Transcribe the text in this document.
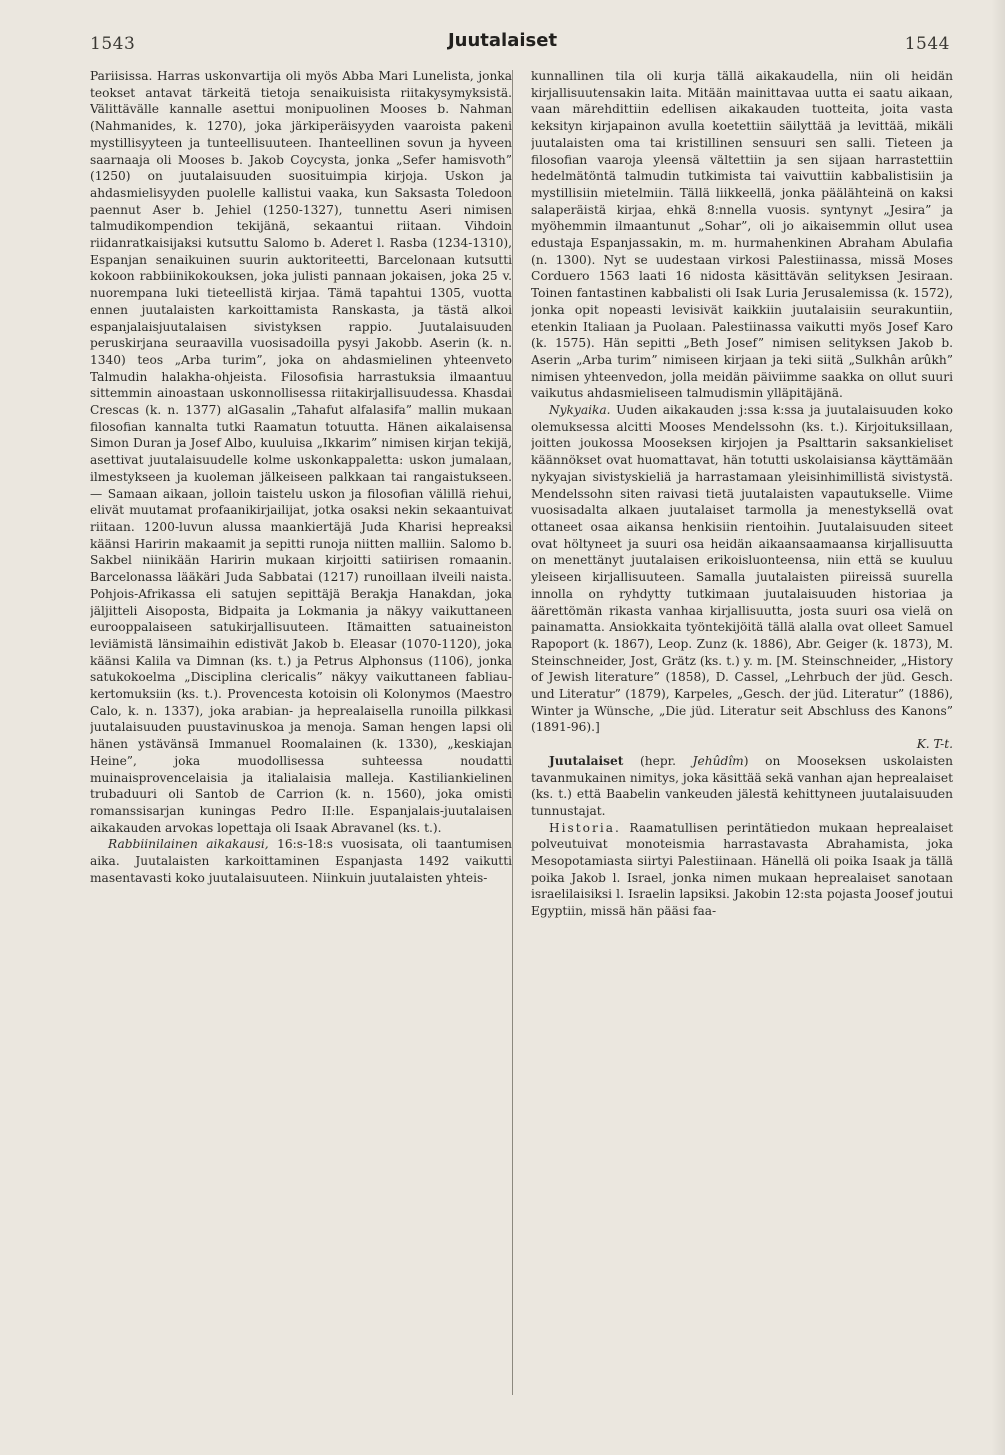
1543	Juutalaiset	1544

Pariisissa. Harras uskonvartija oli myös Abba Mari Lunelista, jonka teokset antavat tärkeitä tietoja senaikuisista riitakysymyksistä. Välittävälle kannalle asettui monipuolinen Mooses b. Nahman (Nahmanides, k. 1270), joka järkiperäisyyden vaaroista pakeni mystillisyyteen ja tunteellisuuteen. Ihanteellinen sovun ja hyveen saarnaaja oli Mooses b. Jakob Coycysta, jonka „Sefer hamisvoth” (1250) on juutalaisuuden suosituimpia kirjoja. Uskon ja ahdasmielisyyden puolelle kallistui vaaka, kun Saksasta Toledoon paennut Aser b. Jehiel (1250-1327), tunnettu Aseri nimisen talmudikompendion tekijänä, sekaantui riitaan. Vihdoin riidanratkaisijaksi kutsuttu Salomo b. Aderet l. Rasba (1234-1310), Espanjan senaikuinen suurin auktoriteetti, Barcelonaan kutsutti kokoon rabbiinikokouksen, joka julisti pannaan jokaisen, joka 25 v. nuorempana luki tieteellistä kirjaa. Tämä tapahtui 1305, vuotta ennen juutalaisten karkoittamista Ranskasta, ja tästä alkoi espanjalaisjuutalaisen sivistyksen rappio. Juutalaisuuden peruskirjana seuraavilla vuosisadoilla pysyi Jakobb. Aserin (k. n. 1340) teos „Arba turim”, joka on ahdasmielinen yhteenveto Talmudin halakha-ohjeista. Filosofisia harrastuksia ilmaantuu sittemmin ainoastaan uskonnollisessa riitakirjallisuudessa. Khasdai Crescas (k. n. 1377) alGasalin „Tahafut alfalasifa” mallin mukaan filosofian kannalta tutki Raamatun totuutta. Hänen aikalaisensa Simon Duran ja Josef Albo, kuuluisa „Ikkarim” nimisen kirjan tekijä, asettivat juutalaisuudelle kolme uskonkappaletta: uskon jumalaan, ilmestykseen ja kuoleman jälkeiseen palkkaan tai rangaistukseen. — Samaan aikaan, jolloin taistelu uskon ja filosofian välillä riehui, elivät muutamat profaanikirjailijat, jotka osaksi nekin sekaantuivat riitaan. 1200-luvun alussa maankiertäjä Juda Kharisi hepreaksi käänsi Haririn makaamit ja sepitti runoja niitten malliin. Salomo b. Sakbel niinikään Haririn mukaan kirjoitti satiirisen romaanin. Barcelonassa lääkäri Juda Sabbatai (1217) runoillaan ilveili naista. Pohjois-Afrikassa eli satujen sepittäjä Berakja Hanakdan, joka jäljitteli Aisoposta, Bidpaita ja Lokmania ja näkyy vaikuttaneen eurooppalaiseen satukirjallisuuteen. Itämaitten satuaineiston leviämistä länsimaihin edistivät Jakob b. Eleasar (1070-1120), joka käänsi Kalila va Dimnan (ks. t.) ja Petrus Alphonsus (1106), jonka satukokoelma „Disciplina clericalis” näkyy vaikuttaneen fabliau-kertomuksiin (ks. t.). Provencesta kotoisin oli Kolonymos (Maestro Calo, k. n. 1337), joka arabian- ja heprealaisella runoilla pilkkasi juutalaisuuden puustavinuskoa ja menoja. Saman hengen lapsi oli hänen ystävänsä Immanuel Roomalainen (k. 1330), „keskiajan Heine”, joka muodollisessa suhteessa noudatti muinaisprovencelaisia ja italialaisia malleja. Kastiliankielinen trubaduuri oli Santob de Carrion (k. n. 1560), joka omisti romanssisarjan kuningas Pedro II:lle. Espanjalais-juutalaisen aikakauden arvokas lopettaja oli Isaak Abravanel (ks. t.).

Rabbiinilainen aikakausi, 16:s-18:s vuosisata, oli taantumisen aika. Juutalaisten karkoittaminen Espanjasta 1492 vaikutti masentavasti koko juutalaisuuteen. Niinkuin juutalaisten yhteis-

kunnallinen tila oli kurja tällä aikakaudella, niin oli heidän kirjallisuutensakin laita. Mitään mainittavaa uutta ei saatu aikaan, vaan märehdittiin edellisen aikakauden tuotteita, joita vasta keksityn kirjapainon avulla koetettiin säilyttää ja levittää, mikäli juutalaisten oma tai kristillinen sensuuri sen salli. Tieteen ja filosofian vaaroja yleensä vältettiin ja sen sijaan harrastettiin hedelmätöntä talmudin tutkimista tai vaivuttiin kabbalistisiin ja mystillisiin mietelmiin. Tällä liikkeellä, jonka päälähteinä on kaksi salaperäistä kirjaa, ehkä 8:nnella vuosis. syntynyt „Jesira” ja myöhemmin ilmaantunut „Sohar”, oli jo aikaisemmin ollut usea edustaja Espanjassakin, m. m. hurmahenkinen Abraham Abulafia (n. 1300). Nyt se uudestaan virkosi Palestiinassa, missä Moses Corduero 1563 laati 16 nidosta käsittävän selityksen Jesiraan. Toinen fantastinen kabbalisti oli Isak Luria Jerusalemissa (k. 1572), jonka opit nopeasti levisivät kaikkiin juutalaisiin seurakuntiin, etenkin Italiaan ja Puolaan. Palestiinassa vaikutti myös Josef Karo (k. 1575). Hän sepitti „Beth Josef” nimisen selityksen Jakob b. Aserin „Arba turim” nimiseen kirjaan ja teki siitä „Sulkhân arûkh” nimisen yhteenvedon, jolla meidän päiviimme saakka on ollut suuri vaikutus ahdasmieliseen talmudismin ylläpitäjänä.

Nykyaika. Uuden aikakauden j:ssa k:ssa ja juutalaisuuden koko olemuksessa alcitti Mooses Mendelssohn (ks. t.). Kirjoituksillaan, joitten joukossa Mooseksen kirjojen ja Psalttarin saksankieliset käännökset ovat huomattavat, hän totutti uskolaisiansa käyttämään nykyajan sivistyskieliä ja harrastamaan yleisinhimillistä sivistystä. Mendelssohn siten raivasi tietä juutalaisten vapautukselle. Viime vuosisadalta alkaen juutalaiset tarmolla ja menestyksellä ovat ottaneet osaa aikansa henkisiin rientoihin. Juutalaisuuden siteet ovat höltyneet ja suuri osa heidän aikaansaamaansa kirjallisuutta on menettänyt juutalaisen erikoisluonteensa, niin että se kuuluu yleiseen kirjallisuuteen. Samalla juutalaisten piireissä suurella innolla on ryhdytty tutkimaan juutalaisuuden historiaa ja äärettömän rikasta vanhaa kirjallisuutta, josta suuri osa vielä on painamatta. Ansiokkaita työntekijöitä tällä alalla ovat olleet Samuel Rapoport (k. 1867), Leop. Zunz (k. 1886), Abr. Geiger (k. 1873), M. Steinschneider, Jost, Grätz (ks. t.) y. m. [M. Steinschneider, „History of Jewish literature” (1858), D. Cassel, „Lehrbuch der jüd. Gesch. und Literatur” (1879), Karpeles, „Gesch. der jüd. Literatur” (1886), Winter ja Wünsche, „Die jüd. Literatur seit Abschluss des Kanons” (1891-96).]

K. T-t.

Juutalaiset (hepr. Jehûdîm) on Mooseksen uskolaisten tavanmukainen nimitys, joka käsittää sekä vanhan ajan heprealaiset (ks. t.) että Baabelin vankeuden jälestä kehittyneen juutalaisuuden tunnustajat.

Historia. Raamatullisen perintätiedon mukaan heprealaiset polveutuivat monoteismia harrastavasta Abrahamista, joka Mesopotamiasta siirtyi Palestiinaan. Hänellä oli poika Isaak ja tällä poika Jakob l. Israel, jonka nimen mukaan heprealaiset sanotaan israelilaisiksi l. Israelin lapsiksi. Jakobin 12:sta pojasta Joosef joutui Egyptiin, missä hän pääsi faa-
